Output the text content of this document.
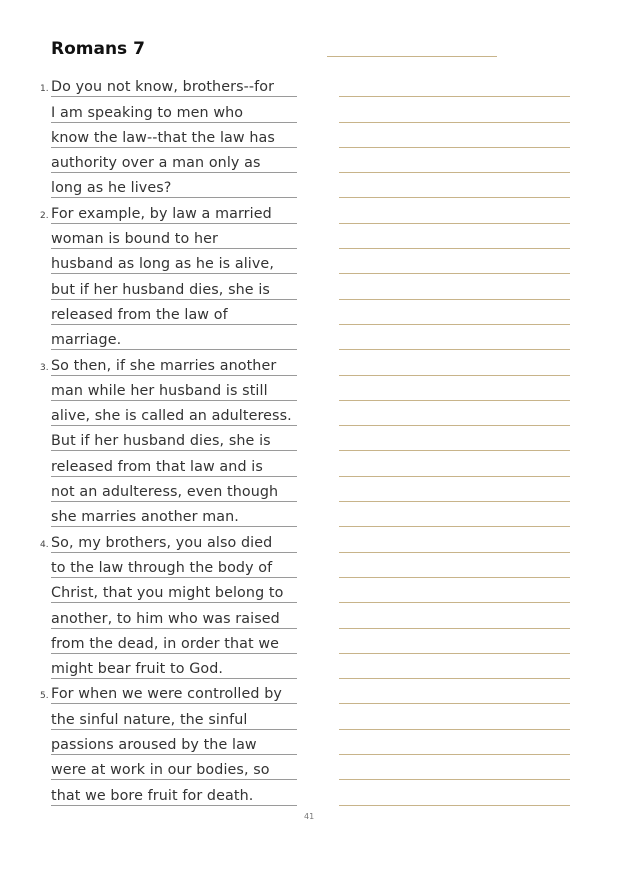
Romans 7
1. Do you not know, brothers--for
I am speaking to men who
know the law--that the law has
authority over a man only as
long as he lives?
2. For example, by law a married
woman is bound to her
husband as long as he is alive,
but if her husband dies, she is
released from the law of
marriage.
3. So then, if she marries another
man while her husband is still
alive, she is called an adulteress.
But if her husband dies, she is
released from that law and is
not an adulteress, even though
she marries another man.
4. So, my brothers, you also died
to the law through the body of
Christ, that you might belong to
another, to him who was raised
from the dead, in order that we
might bear fruit to God.
5. For when we were controlled by
the sinful nature, the sinful
passions aroused by the law
were at work in our bodies, so
that we bore fruit for death.
41
